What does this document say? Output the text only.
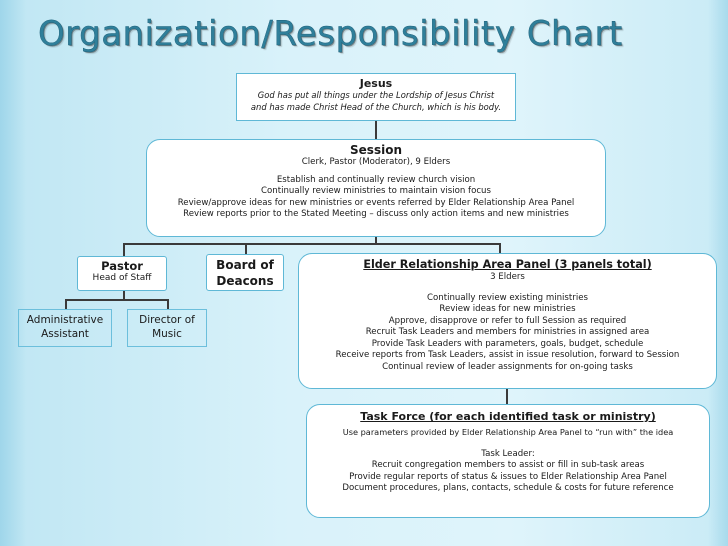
Organization/Responsibility Chart
Jesus
God has put all things under the Lordship of Jesus Christ
and has made Christ Head of the Church, which is his body.
Session
Clerk, Pastor (Moderator), 9 Elders
Establish and continually review church vision
Continually review ministries to maintain vision focus
Review/approve ideas for new ministries or events referred by Elder Relationship Area Panel
Review reports prior to the Stated Meeting – discuss only action items and new ministries
Pastor
Head of Staff
Board of
Deacons
Administrative
Assistant
Director of
Music
Elder Relationship Area Panel (3 panels total)
3 Elders
Continually review existing ministries
Review ideas for new ministries
Approve, disapprove or refer to full Session as required
Recruit Task Leaders and members for ministries in assigned area
Provide Task Leaders with parameters, goals, budget, schedule
Receive reports from Task Leaders, assist in issue resolution, forward to Session
Continual review of leader assignments for on-going tasks
Task Force (for each identified task or ministry)
Use parameters provided by Elder Relationship Area Panel to “run with” the idea
Task Leader:
Recruit congregation members to assist or fill in sub-task areas
Provide regular reports of status & issues to Elder Relationship Area Panel
Document procedures, plans, contacts, schedule & costs for future reference
